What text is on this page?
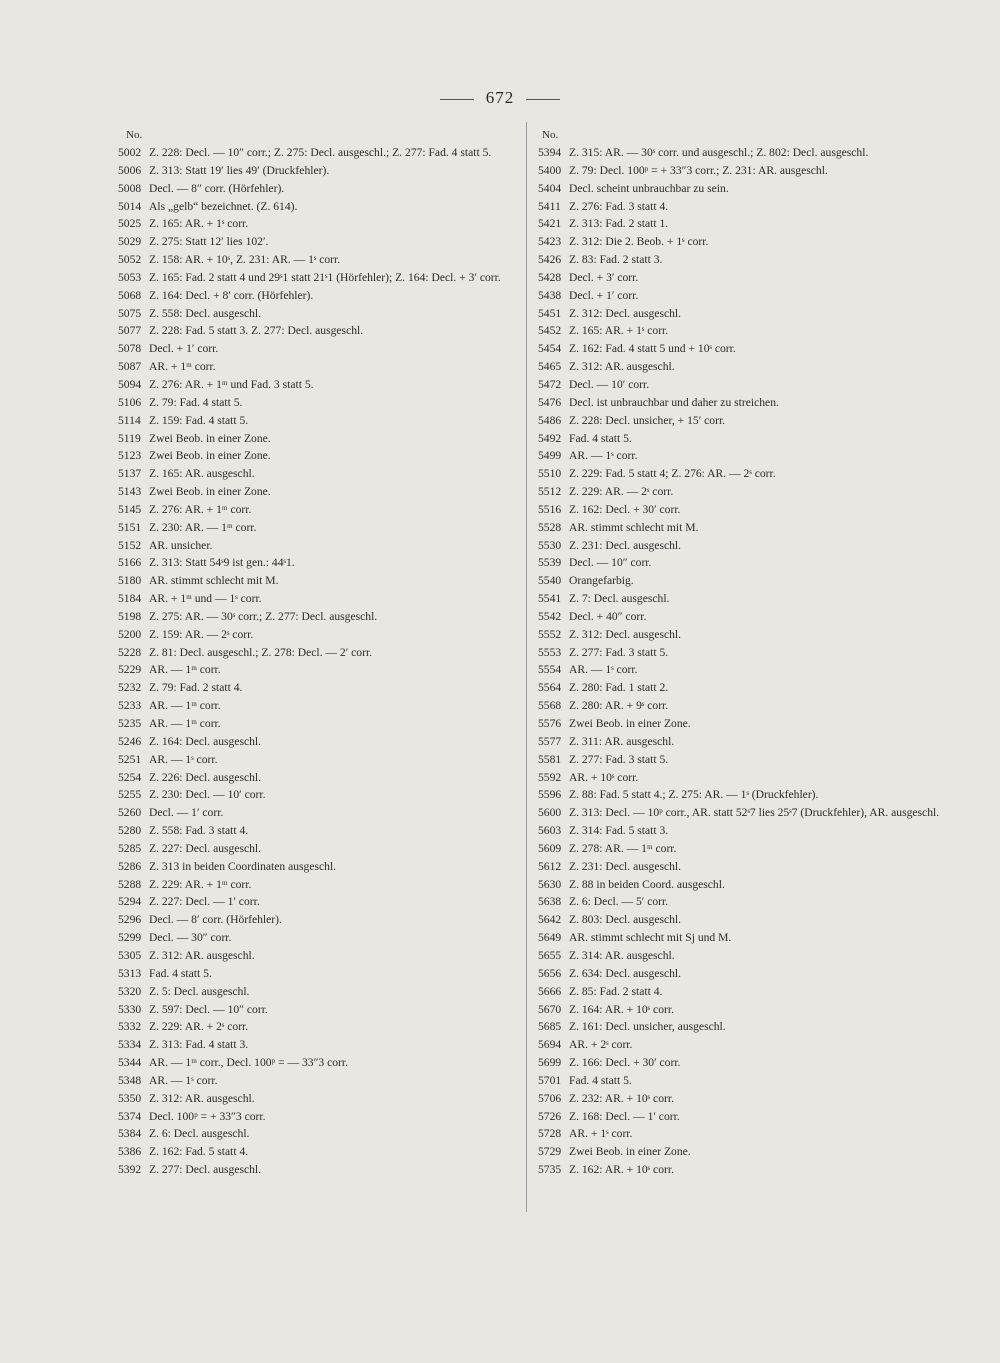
672
No.
5002 Z. 228: Decl. — 10″ corr.; Z. 275: Decl. ausgeschl.; Z. 277: Fad. 4 statt 5.
5006 Z. 313: Statt 19′ lies 49′ (Druckfehler).
5008 Decl. — 8″ corr. (Hörfehler).
5014 Als „gelb“ bezeichnet. (Z. 614).
5025 Z. 165: AR. + 1ˢ corr.
5029 Z. 275: Statt 12′ lies 102′.
5052 Z. 158: AR. + 10ˢ, Z. 231: AR. — 1ˢ corr.
5053 Z. 165: Fad. 2 statt 4 und 29ˢ1 statt 21ˢ1 (Hörfehler); Z. 164: Decl. + 3′ corr.
5068 Z. 164: Decl. + 8′ corr. (Hörfehler).
5075 Z. 558: Decl. ausgeschl.
5077 Z. 228: Fad. 5 statt 3. Z. 277: Decl. ausgeschl.
5078 Decl. + 1′ corr.
5087 AR. + 1ᵐ corr.
5094 Z. 276: AR. + 1ᵐ und Fad. 3 statt 5.
5106 Z. 79: Fad. 4 statt 5.
5114 Z. 159: Fad. 4 statt 5.
5119 Zwei Beob. in einer Zone.
5123 Zwei Beob. in einer Zone.
5137 Z. 165: AR. ausgeschl.
5143 Zwei Beob. in einer Zone.
5145 Z. 276: AR. + 1ᵐ corr.
5151 Z. 230: AR. — 1ᵐ corr.
5152 AR. unsicher.
5166 Z. 313: Statt 54ˢ9 ist gen.: 44ˢ1.
5180 AR. stimmt schlecht mit M.
5184 AR. + 1ᵐ und — 1ˢ corr.
5198 Z. 275: AR. — 30ˢ corr.; Z. 277: Decl. ausgeschl.
5200 Z. 159: AR. — 2ˢ corr.
5228 Z. 81: Decl. ausgeschl.; Z. 278: Decl. — 2′ corr.
5229 AR. — 1ᵐ corr.
5232 Z. 79: Fad. 2 statt 4.
5233 AR. — 1ᵐ corr.
5235 AR. — 1ᵐ corr.
5246 Z. 164: Decl. ausgeschl.
5251 AR. — 1ˢ corr.
5254 Z. 226: Decl. ausgeschl.
5255 Z. 230: Decl. — 10′ corr.
5260 Decl. — 1′ corr.
5280 Z. 558: Fad. 3 statt 4.
5285 Z. 227: Decl. ausgeschl.
5286 Z. 313 in beiden Coordinaten ausgeschl.
5288 Z. 229: AR. + 1ᵐ corr.
5294 Z. 227: Decl. — 1′ corr.
5296 Decl. — 8′ corr. (Hörfehler).
5299 Decl. — 30″ corr.
5305 Z. 312: AR. ausgeschl.
5313 Fad. 4 statt 5.
5320 Z. 5: Decl. ausgeschl.
5330 Z. 597: Decl. — 10″ corr.
5332 Z. 229: AR. + 2ˢ corr.
5334 Z. 313: Fad. 4 statt 3.
5344 AR. — 1ᵐ corr., Decl. 100ᵖ = — 33″3 corr.
5348 AR. — 1ˢ corr.
5350 Z. 312: AR. ausgeschl.
5374 Decl. 100ᵖ = + 33″3 corr.
5384 Z. 6: Decl. ausgeschl.
5386 Z. 162: Fad. 5 statt 4.
5392 Z. 277: Decl. ausgeschl.
No.
5394 Z. 315: AR. — 30ˢ corr. und ausgeschl.; Z. 802: Decl. ausgeschl.
5400 Z. 79: Decl. 100ᵖ = + 33″3 corr.; Z. 231: AR. ausgeschl.
5404 Decl. scheint unbrauchbar zu sein.
5411 Z. 276: Fad. 3 statt 4.
5421 Z. 313: Fad. 2 statt 1.
5423 Z. 312: Die 2. Beob. + 1ˢ corr.
5426 Z. 83: Fad. 2 statt 3.
5428 Decl. + 3′ corr.
5438 Decl. + 1′ corr.
5451 Z. 312: Decl. ausgeschl.
5452 Z. 165: AR. + 1ˢ corr.
5454 Z. 162: Fad. 4 statt 5 und + 10ˢ corr.
5465 Z. 312: AR. ausgeschl.
5472 Decl. — 10′ corr.
5476 Decl. ist unbrauchbar und daher zu streichen.
5486 Z. 228: Decl. unsicher, + 15′ corr.
5492 Fad. 4 statt 5.
5499 AR. — 1ˢ corr.
5510 Z. 229: Fad. 5 statt 4; Z. 276: AR. — 2ˢ corr.
5512 Z. 229: AR. — 2ˢ corr.
5516 Z. 162: Decl. + 30′ corr.
5528 AR. stimmt schlecht mit M.
5530 Z. 231: Decl. ausgeschl.
5539 Decl. — 10″ corr.
5540 Orangefarbig.
5541 Z. 7: Decl. ausgeschl.
5542 Decl. + 40″ corr.
5552 Z. 312: Decl. ausgeschl.
5553 Z. 277: Fad. 3 statt 5.
5554 AR. — 1ˢ corr.
5564 Z. 280: Fad. 1 statt 2.
5568 Z. 280: AR. + 9ˢ corr.
5576 Zwei Beob. in einer Zone.
5577 Z. 311: AR. ausgeschl.
5581 Z. 277: Fad. 3 statt 5.
5592 AR. + 10ˢ corr.
5596 Z. 88: Fad. 5 statt 4.; Z. 275: AR. — 1ˢ (Druckfehler).
5600 Z. 313: Decl. — 10ᵖ corr., AR. statt 52ˢ7 lies 25ˢ7 (Druckfehler), AR. ausgeschl.
5603 Z. 314: Fad. 5 statt 3.
5609 Z. 278: AR. — 1ᵐ corr.
5612 Z. 231: Decl. ausgeschl.
5630 Z. 88 in beiden Coord. ausgeschl.
5638 Z. 6: Decl. — 5′ corr.
5642 Z. 803: Decl. ausgeschl.
5649 AR. stimmt schlecht mit Sj und M.
5655 Z. 314: AR. ausgeschl.
5656 Z. 634: Decl. ausgeschl.
5666 Z. 85: Fad. 2 statt 4.
5670 Z. 164: AR. + 10ˢ corr.
5685 Z. 161: Decl. unsicher, ausgeschl.
5694 AR. + 2ˢ corr.
5699 Z. 166: Decl. + 30′ corr.
5701 Fad. 4 statt 5.
5706 Z. 232: AR. + 10ˢ corr.
5726 Z. 168: Decl. — 1′ corr.
5728 AR. + 1ˢ corr.
5729 Zwei Beob. in einer Zone.
5735 Z. 162: AR. + 10ˢ corr.
